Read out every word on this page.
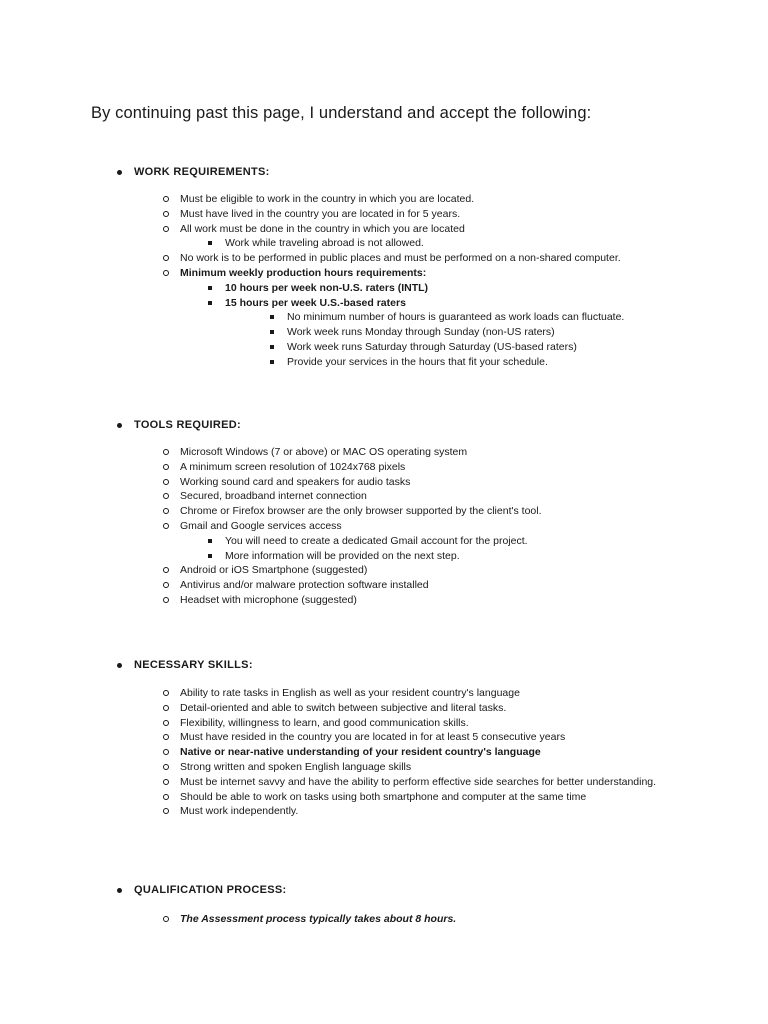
By continuing past this page, I understand and accept the following:
WORK REQUIREMENTS:
Must be eligible to work in the country in which you are located.
Must have lived in the country you are located in for 5 years.
All work must be done in the country in which you are located
Work while traveling abroad is not allowed.
No work is to be performed in public places and must be performed on a non-shared computer.
Minimum weekly production hours requirements:
10 hours per week non-U.S. raters (INTL)
15 hours per week U.S.-based raters
No minimum number of hours is guaranteed as work loads can fluctuate.
Work week runs Monday through Sunday (non-US raters)
Work week runs Saturday through Saturday (US-based raters)
Provide your services in the hours that fit your schedule.
TOOLS REQUIRED:
Microsoft Windows (7 or above) or MAC OS operating system
A minimum screen resolution of 1024x768 pixels
Working sound card and speakers for audio tasks
Secured, broadband internet connection
Chrome or Firefox browser are the only browser supported by the client's tool.
Gmail and Google services access
You will need to create a dedicated Gmail account for the project.
More information will be provided on the next step.
Android or iOS Smartphone (suggested)
Antivirus and/or malware protection software installed
Headset with microphone (suggested)
NECESSARY SKILLS:
Ability to rate tasks in English as well as your resident country's language
Detail-oriented and able to switch between subjective and literal tasks.
Flexibility, willingness to learn, and good communication skills.
Must have resided in the country you are located in for at least 5 consecutive years
Native or near-native understanding of your resident country's language
Strong written and spoken English language skills
Must be internet savvy and have the ability to perform effective side searches for better understanding.
Should be able to work on tasks using both smartphone and computer at the same time
Must work independently.
QUALIFICATION PROCESS:
The Assessment process typically takes about 8 hours.
